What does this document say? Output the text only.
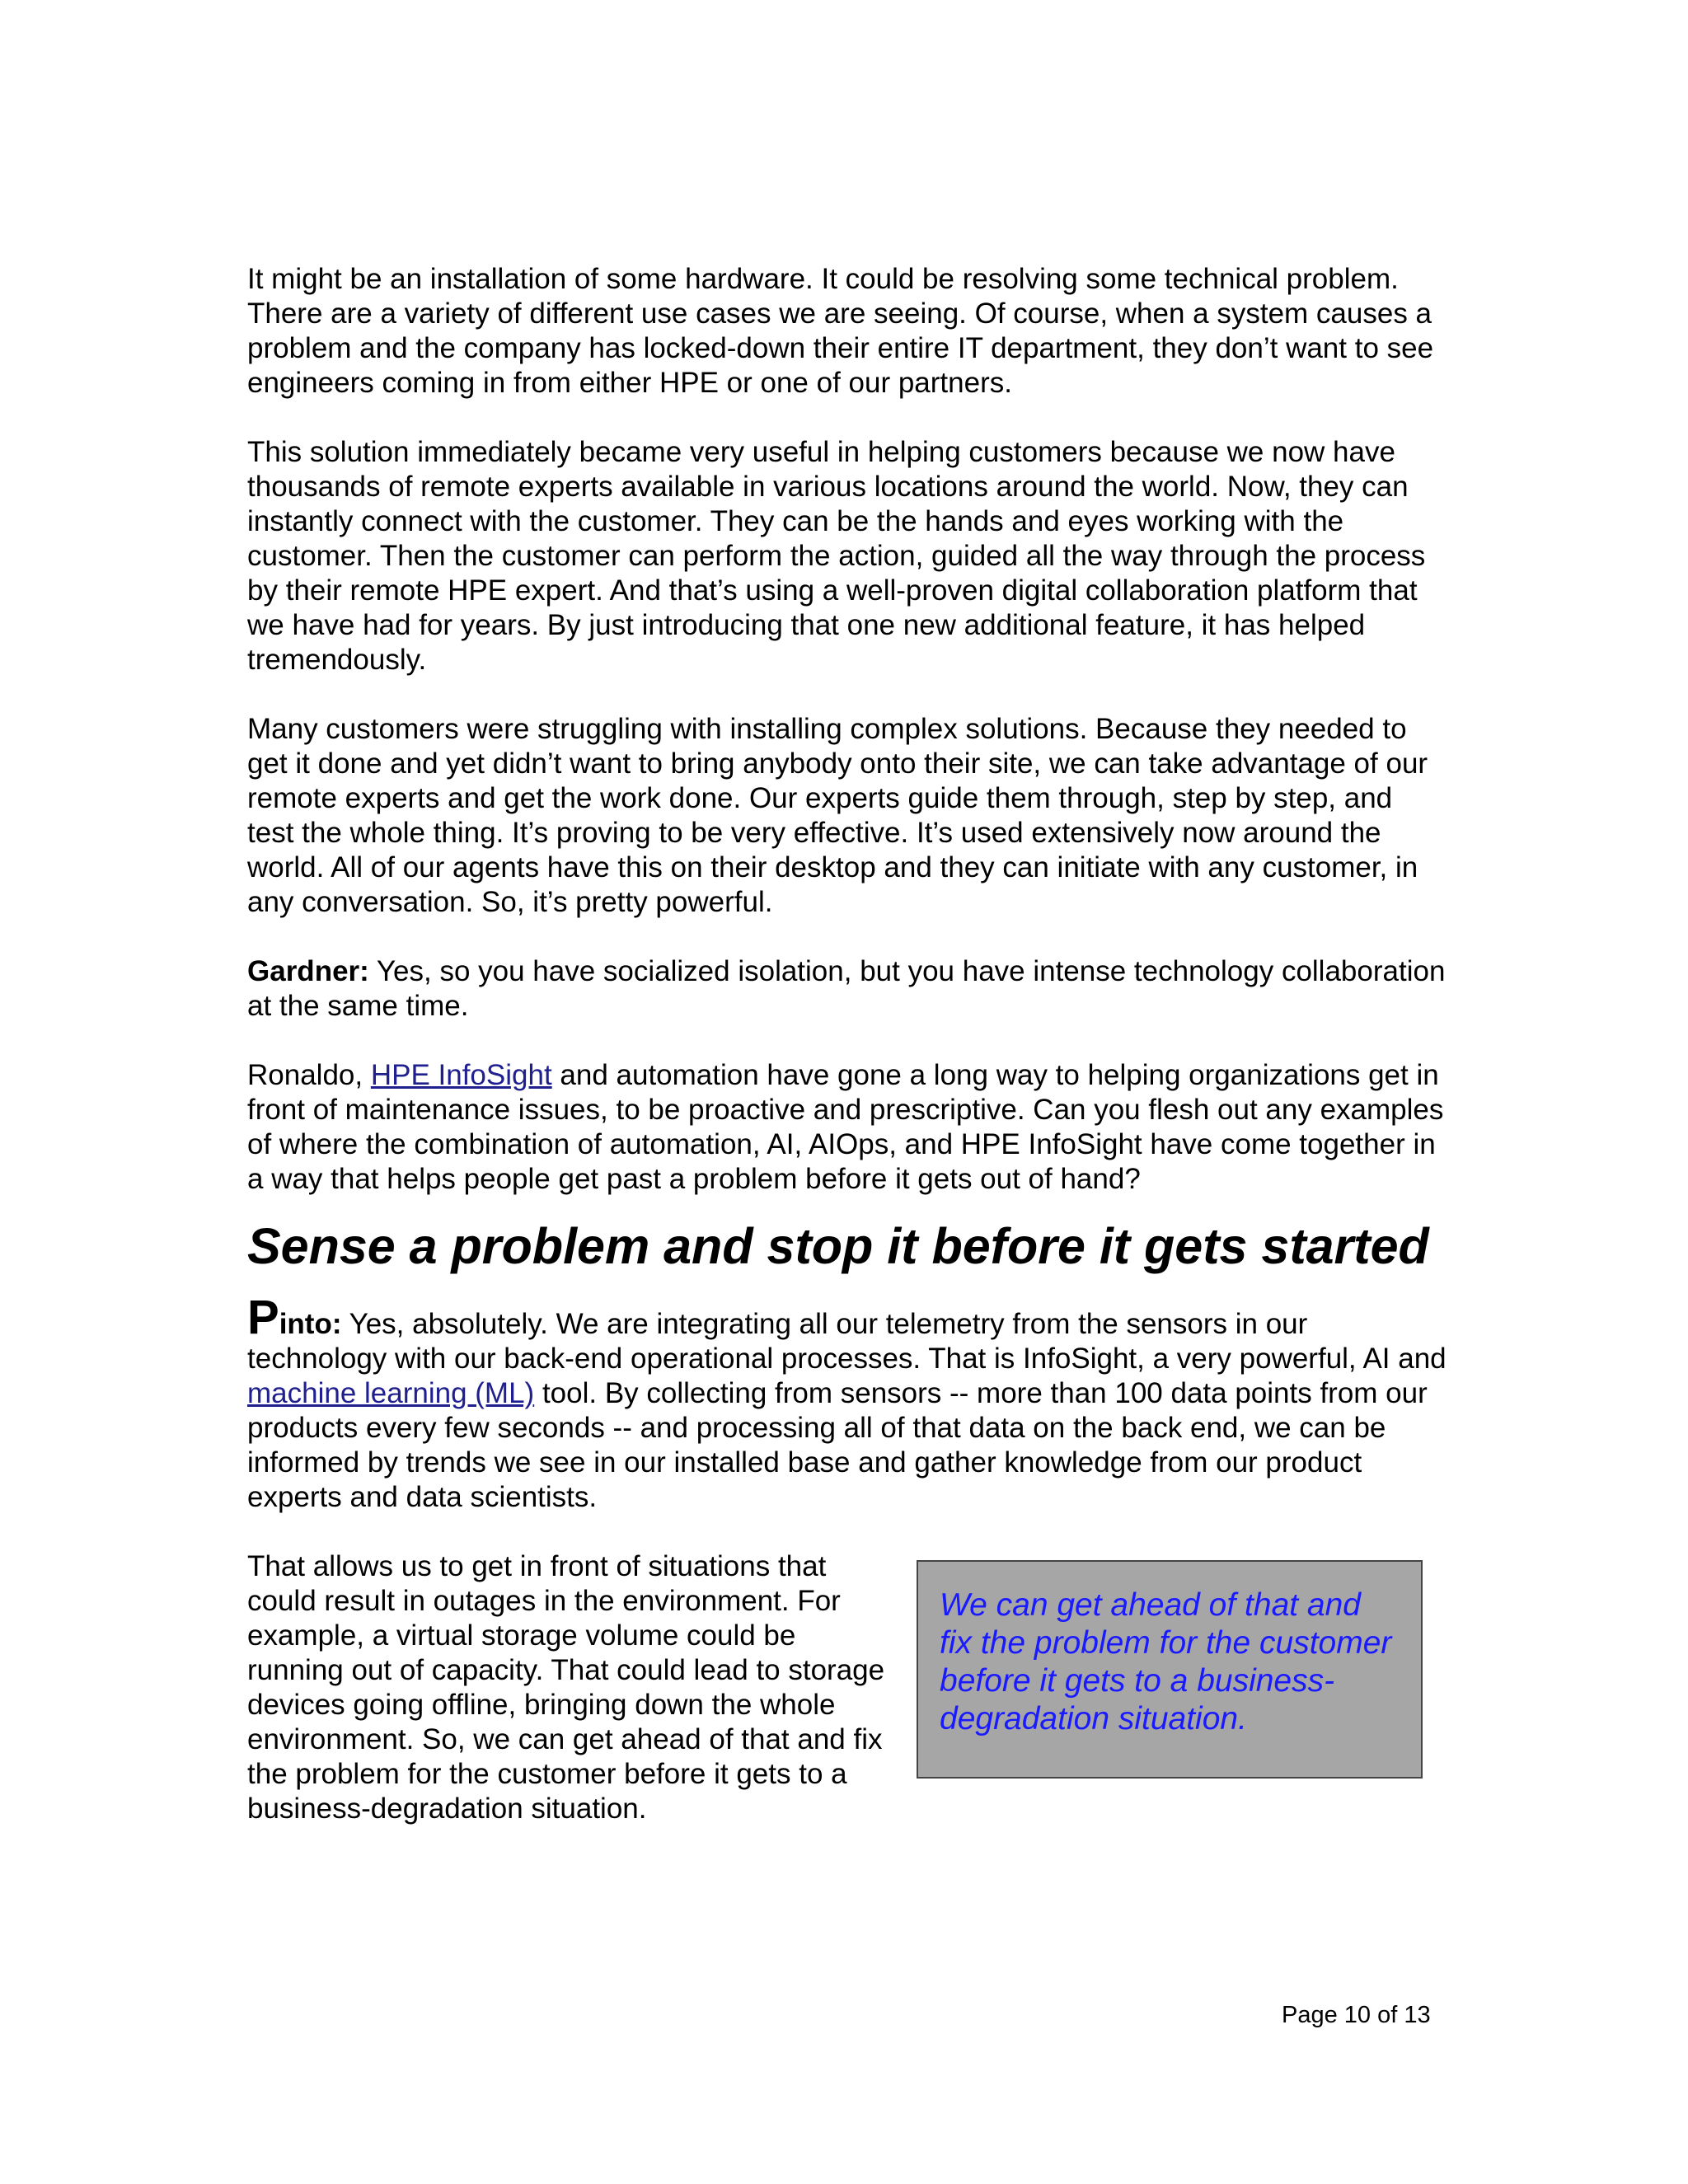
It might be an installation of some hardware. It could be resolving some technical problem. There are a variety of different use cases we are seeing. Of course, when a system causes a problem and the company has locked-down their entire IT department, they don’t want to see engineers coming in from either HPE or one of our partners.

This solution immediately became very useful in helping customers because we now have thousands of remote experts available in various locations around the world. Now, they can instantly connect with the customer. They can be the hands and eyes working with the customer. Then the customer can perform the action, guided all the way through the process by their remote HPE expert. And that’s using a well-proven digital collaboration platform that we have had for years. By just introducing that one new additional feature, it has helped tremendously.

Many customers were struggling with installing complex solutions. Because they needed to get it done and yet didn’t want to bring anybody onto their site, we can take advantage of our remote experts and get the work done. Our experts guide them through, step by step, and test the whole thing. It’s proving to be very effective. It’s used extensively now around the world. All of our agents have this on their desktop and they can initiate with any customer, in any conversation. So, it’s pretty powerful.

Gardner: Yes, so you have socialized isolation, but you have intense technology collaboration at the same time.

Ronaldo, HPE InfoSight and automation have gone a long way to helping organizations get in front of maintenance issues, to be proactive and prescriptive. Can you flesh out any examples of where the combination of automation, AI, AIOps, and HPE InfoSight have come together in a way that helps people get past a problem before it gets out of hand?

Sense a problem and stop it before it gets started

Pinto: Yes, absolutely. We are integrating all our telemetry from the sensors in our technology with our back-end operational processes. That is InfoSight, a very powerful, AI and machine learning (ML) tool. By collecting from sensors -- more than 100 data points from our products every few seconds -- and processing all of that data on the back end, we can be informed by trends we see in our installed base and gather knowledge from our product experts and data scientists.

That allows us to get in front of situations that could result in outages in the environment. For example, a virtual storage volume could be running out of capacity. That could lead to storage devices going offline, bringing down the whole environment. So, we can get ahead of that and fix the problem for the customer before it gets to a business-degradation situation.

We can get ahead of that and fix the problem for the customer before it gets to a business-degradation situation.
Page 10 of 13
